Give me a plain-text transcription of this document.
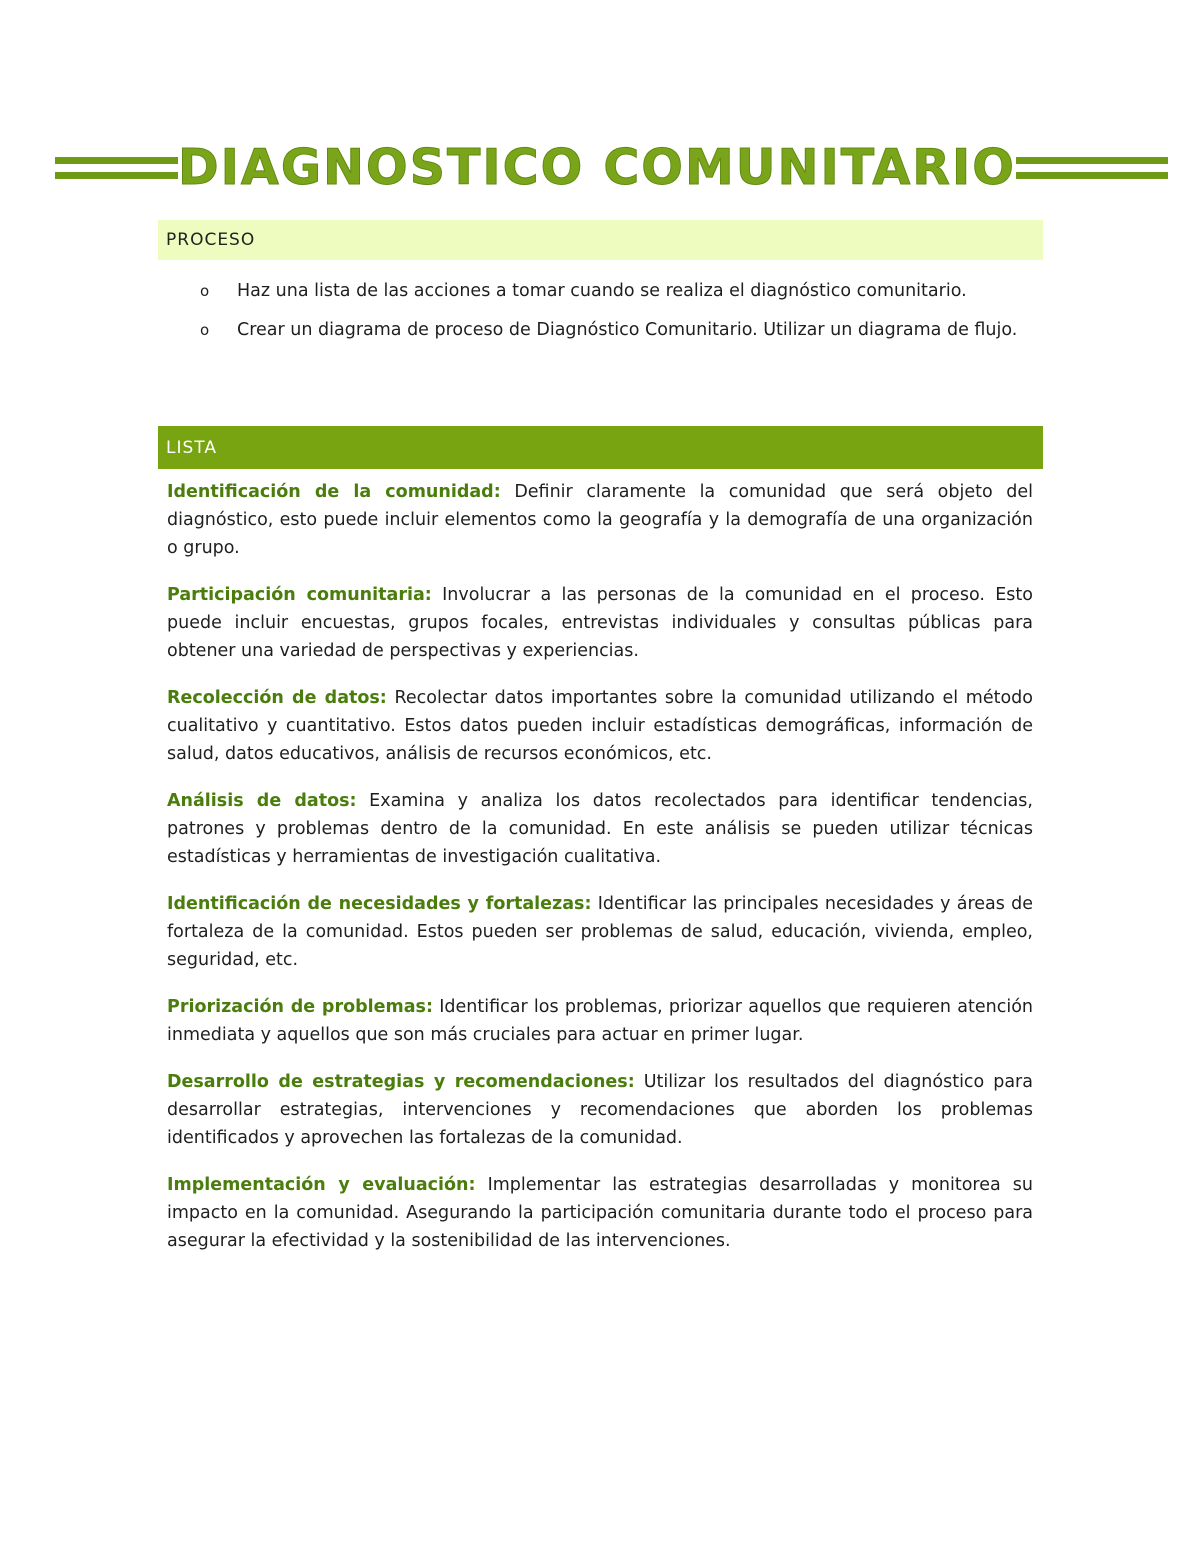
DIAGNOSTICO COMUNITARIO
PROCESO
o Haz una lista de las acciones a tomar cuando se realiza el diagnóstico comunitario.
o Crear un diagrama de proceso de Diagnóstico Comunitario. Utilizar un diagrama de flujo.
LISTA

Identificación de la comunidad: Definir claramente la comunidad que será objeto del diagnóstico, esto puede incluir elementos como la geografía y la demografía de una organización o grupo.

Participación comunitaria: Involucrar a las personas de la comunidad en el proceso. Esto puede incluir encuestas, grupos focales, entrevistas individuales y consultas públicas para obtener una variedad de perspectivas y experiencias.

Recolección de datos: Recolectar datos importantes sobre la comunidad utilizando el método cualitativo y cuantitativo. Estos datos pueden incluir estadísticas demográficas, información de salud, datos educativos, análisis de recursos económicos, etc.

Análisis de datos: Examina y analiza los datos recolectados para identificar tendencias, patrones y problemas dentro de la comunidad. En este análisis se pueden utilizar técnicas estadísticas y herramientas de investigación cualitativa.

Identificación de necesidades y fortalezas: Identificar las principales necesidades y áreas de fortaleza de la comunidad. Estos pueden ser problemas de salud, educación, vivienda, empleo, seguridad, etc.

Priorización de problemas: Identificar los problemas, priorizar aquellos que requieren atención inmediata y aquellos que son más cruciales para actuar en primer lugar.

Desarrollo de estrategias y recomendaciones: Utilizar los resultados del diagnóstico para desarrollar estrategias, intervenciones y recomendaciones que aborden los problemas identificados y aprovechen las fortalezas de la comunidad.

Implementación y evaluación: Implementar las estrategias desarrolladas y monitorea su impacto en la comunidad. Asegurando la participación comunitaria durante todo el proceso para asegurar la efectividad y la sostenibilidad de las intervenciones.
